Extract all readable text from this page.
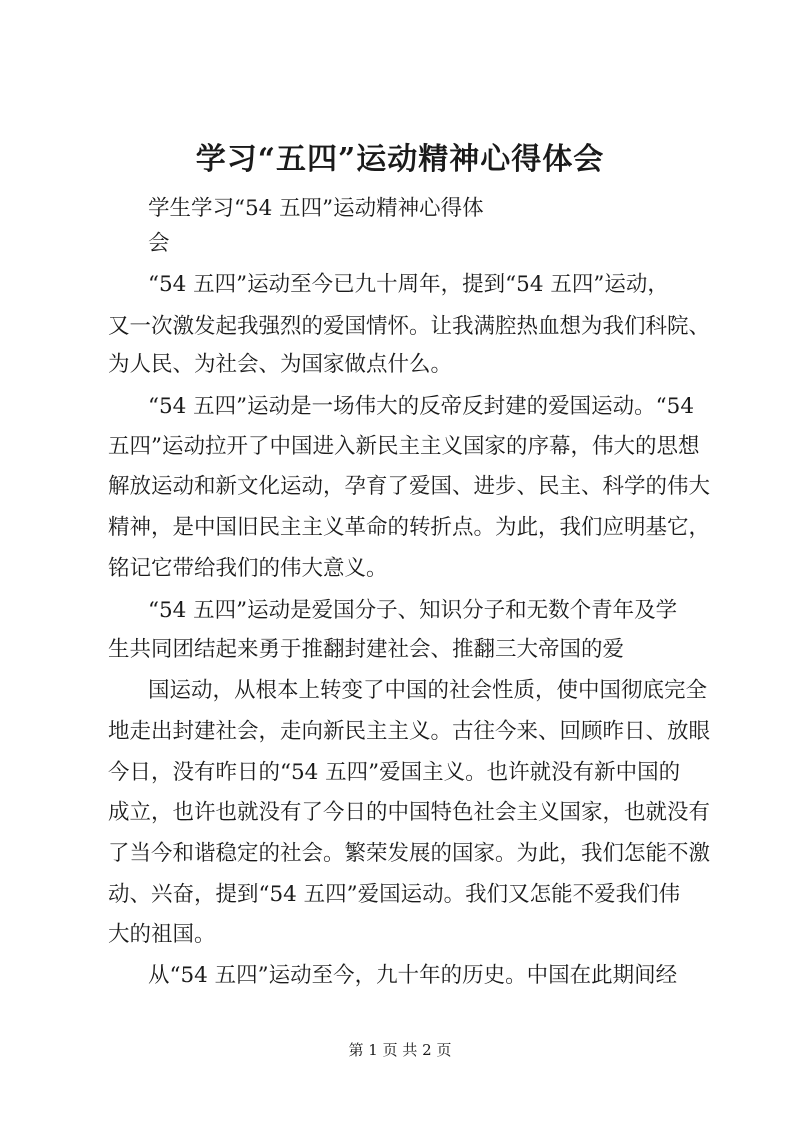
学习“五四”运动精神心得体会
学生学习“54 五四”运动精神心得体
会
“54 五四”运动至今已九十周年，提到“54 五四”运动，
又一次激发起我强烈的爱国情怀。让我满腔热血想为我们科院、
为人民、为社会、为国家做点什么。
“54 五四”运动是一场伟大的反帝反封建的爱国运动。“54
五四”运动拉开了中国进入新民主主义国家的序幕，伟大的思想
解放运动和新文化运动，孕育了爱国、进步、民主、科学的伟大
精神，是中国旧民主主义革命的转折点。为此，我们应明基它，
铭记它带给我们的伟大意义。
“54 五四”运动是爱国分子、知识分子和无数个青年及学
生共同团结起来勇于推翻封建社会、推翻三大帝国的爱
国运动，从根本上转变了中国的社会性质，使中国彻底完全
地走出封建社会，走向新民主主义。古往今来、回顾昨日、放眼
今日，没有昨日的“54 五四”爱国主义。也许就没有新中国的
成立，也许也就没有了今日的中国特色社会主义国家，也就没有
了当今和谐稳定的社会。繁荣发展的国家。为此，我们怎能不激
动、兴奋，提到“54 五四”爱国运动。我们又怎能不爱我们伟
大的祖国。
从“54 五四”运动至今，九十年的历史。中国在此期间经
第 1 页 共 2 页
